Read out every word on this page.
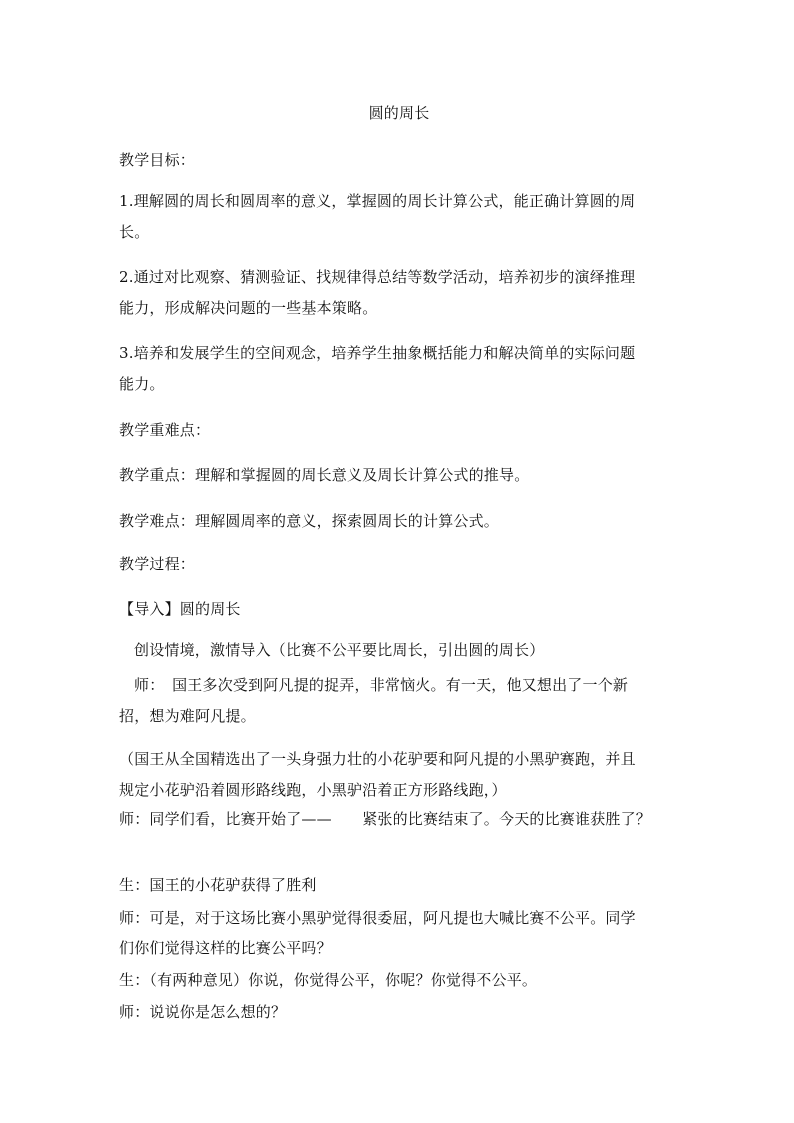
圆的周长
教学目标：
1.理解圆的周长和圆周率的意义，掌握圆的周长计算公式，能正确计算圆的周
长。
2.通过对比观察、猜测验证、找规律得总结等数学活动，培养初步的演绎推理
能力，形成解决问题的一些基本策略。
3.培养和发展学生的空间观念，培养学生抽象概括能力和解决简单的实际问题
能力。
教学重难点：
教学重点：理解和掌握圆的周长意义及周长计算公式的推导。
教学难点：理解圆周率的意义，探索圆周长的计算公式。
教学过程：
【导入】圆的周长
创设情境，激情导入（比赛不公平要比周长，引出圆的周长）
师：　国王多次受到阿凡提的捉弄，非常恼火。有一天，他又想出了一个新
招，想为难阿凡提。
（国王从全国精选出了一头身强力壮的小花驴要和阿凡提的小黑驴赛跑，并且
规定小花驴沿着圆形路线跑，小黑驴沿着正方形路线跑，）
师：同学们看，比赛开始了——　　紧张的比赛结束了。今天的比赛谁获胜了？
生：国王的小花驴获得了胜利
师：可是，对于这场比赛小黑驴觉得很委屈，阿凡提也大喊比赛不公平。同学
们你们觉得这样的比赛公平吗？
生：（有两种意见）你说，你觉得公平，你呢？你觉得不公平。
师：说说你是怎么想的？
